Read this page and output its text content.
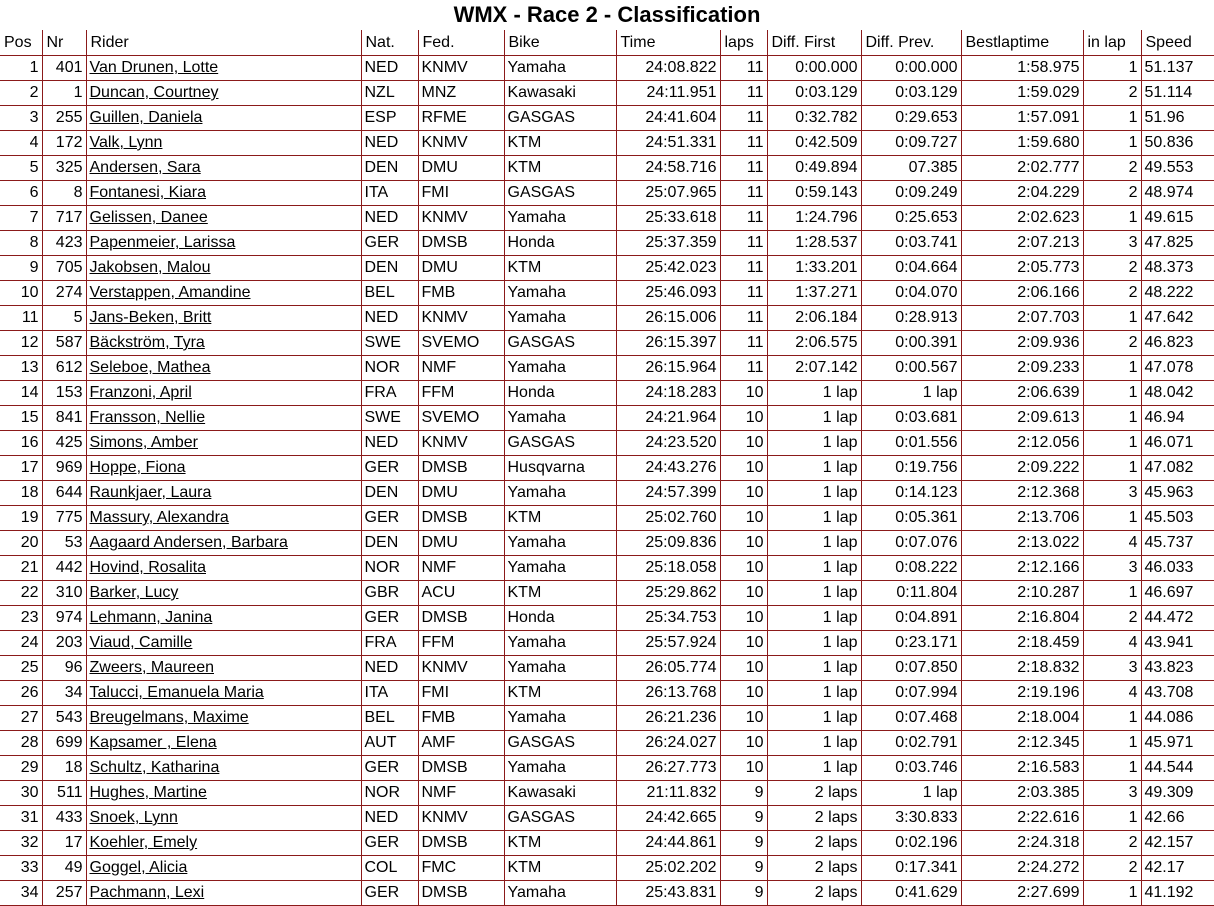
WMX - Race 2 - Classification
Pos	Nr	Rider	Nat.	Fed.	Bike	Time	laps	Diff. First	Diff. Prev.	Bestlaptime	in lap	Speed
1	401	Van Drunen, Lotte	NED	KNMV	Yamaha	24:08.822	11	0:00.000	0:00.000	1:58.975	1	51.137
2	1	Duncan, Courtney	NZL	MNZ	Kawasaki	24:11.951	11	0:03.129	0:03.129	1:59.029	2	51.114
3	255	Guillen, Daniela	ESP	RFME	GASGAS	24:41.604	11	0:32.782	0:29.653	1:57.091	1	51.96
4	172	Valk, Lynn	NED	KNMV	KTM	24:51.331	11	0:42.509	0:09.727	1:59.680	1	50.836
5	325	Andersen, Sara	DEN	DMU	KTM	24:58.716	11	0:49.894	07.385	2:02.777	2	49.553
6	8	Fontanesi, Kiara	ITA	FMI	GASGAS	25:07.965	11	0:59.143	0:09.249	2:04.229	2	48.974
7	717	Gelissen, Danee	NED	KNMV	Yamaha	25:33.618	11	1:24.796	0:25.653	2:02.623	1	49.615
8	423	Papenmeier, Larissa	GER	DMSB	Honda	25:37.359	11	1:28.537	0:03.741	2:07.213	3	47.825
9	705	Jakobsen, Malou	DEN	DMU	KTM	25:42.023	11	1:33.201	0:04.664	2:05.773	2	48.373
10	274	Verstappen, Amandine	BEL	FMB	Yamaha	25:46.093	11	1:37.271	0:04.070	2:06.166	2	48.222
11	5	Jans-Beken, Britt	NED	KNMV	Yamaha	26:15.006	11	2:06.184	0:28.913	2:07.703	1	47.642
12	587	Bäckström, Tyra	SWE	SVEMO	GASGAS	26:15.397	11	2:06.575	0:00.391	2:09.936	2	46.823
13	612	Seleboe, Mathea	NOR	NMF	Yamaha	26:15.964	11	2:07.142	0:00.567	2:09.233	1	47.078
14	153	Franzoni, April	FRA	FFM	Honda	24:18.283	10	1 lap	1 lap	2:06.639	1	48.042
15	841	Fransson, Nellie	SWE	SVEMO	Yamaha	24:21.964	10	1 lap	0:03.681	2:09.613	1	46.94
16	425	Simons, Amber	NED	KNMV	GASGAS	24:23.520	10	1 lap	0:01.556	2:12.056	1	46.071
17	969	Hoppe, Fiona	GER	DMSB	Husqvarna	24:43.276	10	1 lap	0:19.756	2:09.222	1	47.082
18	644	Raunkjaer, Laura	DEN	DMU	Yamaha	24:57.399	10	1 lap	0:14.123	2:12.368	3	45.963
19	775	Massury, Alexandra	GER	DMSB	KTM	25:02.760	10	1 lap	0:05.361	2:13.706	1	45.503
20	53	Aagaard Andersen, Barbara	DEN	DMU	Yamaha	25:09.836	10	1 lap	0:07.076	2:13.022	4	45.737
21	442	Hovind, Rosalita	NOR	NMF	Yamaha	25:18.058	10	1 lap	0:08.222	2:12.166	3	46.033
22	310	Barker, Lucy	GBR	ACU	KTM	25:29.862	10	1 lap	0:11.804	2:10.287	1	46.697
23	974	Lehmann, Janina	GER	DMSB	Honda	25:34.753	10	1 lap	0:04.891	2:16.804	2	44.472
24	203	Viaud, Camille	FRA	FFM	Yamaha	25:57.924	10	1 lap	0:23.171	2:18.459	4	43.941
25	96	Zweers, Maureen	NED	KNMV	Yamaha	26:05.774	10	1 lap	0:07.850	2:18.832	3	43.823
26	34	Talucci, Emanuela Maria	ITA	FMI	KTM	26:13.768	10	1 lap	0:07.994	2:19.196	4	43.708
27	543	Breugelmans, Maxime	BEL	FMB	Yamaha	26:21.236	10	1 lap	0:07.468	2:18.004	1	44.086
28	699	Kapsamer , Elena	AUT	AMF	GASGAS	26:24.027	10	1 lap	0:02.791	2:12.345	1	45.971
29	18	Schultz, Katharina	GER	DMSB	Yamaha	26:27.773	10	1 lap	0:03.746	2:16.583	1	44.544
30	511	Hughes, Martine	NOR	NMF	Kawasaki	21:11.832	9	2 laps	1 lap	2:03.385	3	49.309
31	433	Snoek, Lynn	NED	KNMV	GASGAS	24:42.665	9	2 laps	3:30.833	2:22.616	1	42.66
32	17	Koehler, Emely	GER	DMSB	KTM	24:44.861	9	2 laps	0:02.196	2:24.318	2	42.157
33	49	Goggel, Alicia	COL	FMC	KTM	25:02.202	9	2 laps	0:17.341	2:24.272	2	42.17
34	257	Pachmann, Lexi	GER	DMSB	Yamaha	25:43.831	9	2 laps	0:41.629	2:27.699	1	41.192
